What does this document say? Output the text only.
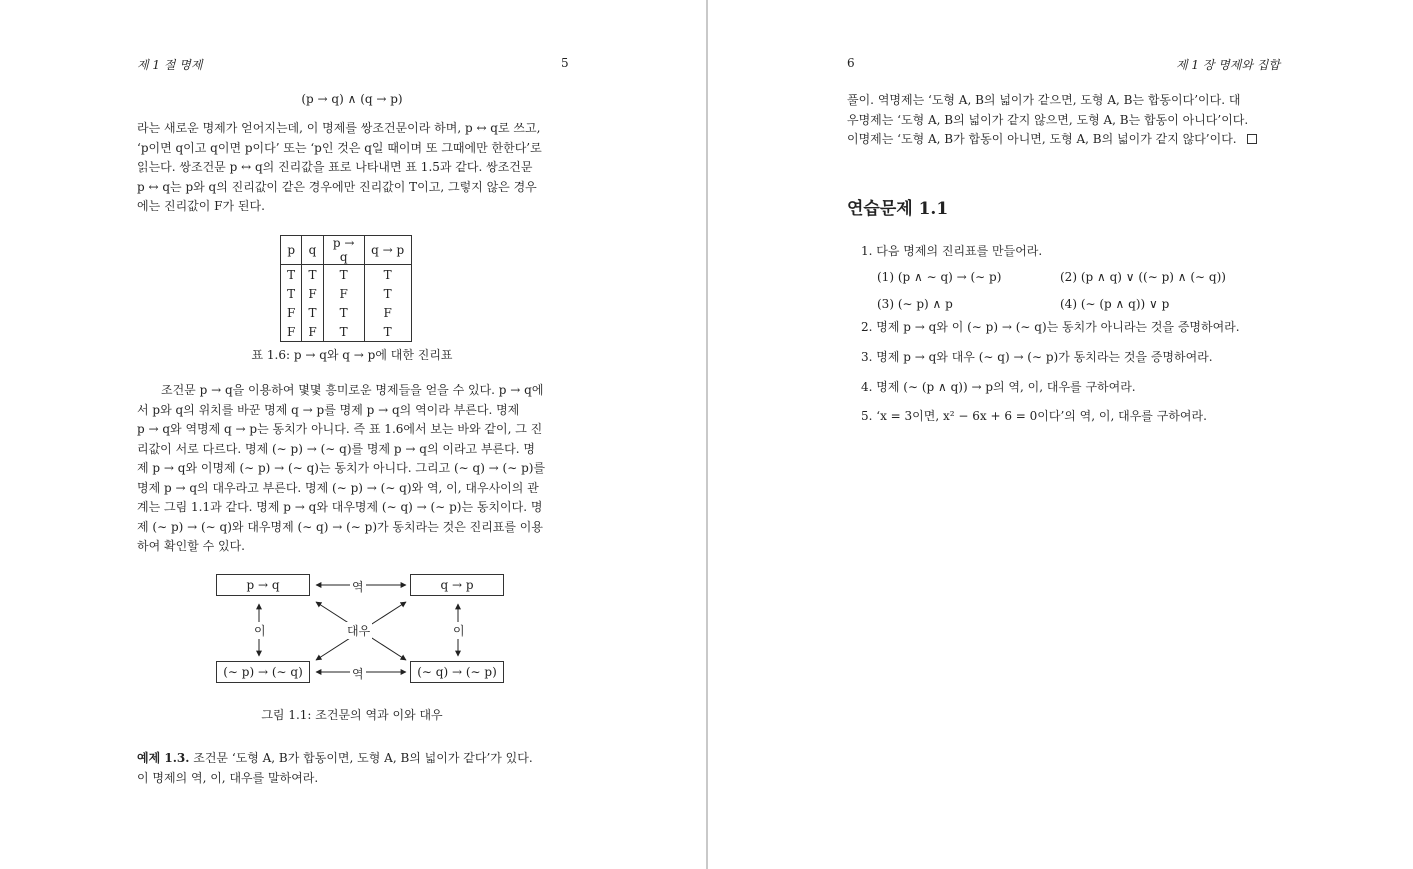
제 1 절 명제	5
(p → q) ∧ (q → p)
라는 새로운 명제가 얻어지는데, 이 명제를 쌍조건문이라 하며, p ↔ q로 쓰고,
‘p이면 q이고 q이면 p이다’ 또는 ‘p인 것은 q일 때이며 또 그때에만 한한다’로
읽는다. 쌍조건문 p ↔ q의 진리값을 표로 나타내면 표 1.5과 같다. 쌍조건문
p ↔ q는 p와 q의 진리값이 같은 경우에만 진리값이 T이고, 그렇지 않은 경우
에는 진리값이 F가 된다.
p	q	p → q	q → p
T	T	T	T
T	F	F	T
F	T	T	F
F	F	T	T
표 1.6: p → q와 q → p에 대한 진리표
조건문 p → q을 이용하여 몇몇 흥미로운 명제들을 얻을 수 있다. p → q에
서 p와 q의 위치를 바꾼 명제 q → p를 명제 p → q의 역이라 부른다. 명제
p → q와 역명제 q → p는 동치가 아니다. 즉 표 1.6에서 보는 바와 같이, 그 진
리값이 서로 다르다. 명제 (∼ p) → (∼ q)를 명제 p → q의 이라고 부른다. 명
제 p → q와 이명제 (∼ p) → (∼ q)는 동치가 아니다. 그리고 (∼ q) → (∼ p)를
명제 p → q의 대우라고 부른다. 명제 (∼ p) → (∼ q)와 역, 이, 대우사이의 관
계는 그림 1.1과 같다. 명제 p → q와 대우명제 (∼ q) → (∼ p)는 동치이다. 명
제 (∼ p) → (∼ q)와 대우명제 (∼ q) → (∼ p)가 동치라는 것은 진리표를 이용
하여 확인할 수 있다.
p → q	q → p
(∼ p) → (∼ q)	(∼ q) → (∼ p)
역
역
이	이
대우
그림 1.1: 조건문의 역과 이와 대우
예제 1.3. 조건문 ‘도형 A, B가 합동이면, 도형 A, B의 넓이가 같다’가 있다.
이 명제의 역, 이, 대우를 말하여라.
6	제 1 장 명제와 집합
풀이. 역명제는 ‘도형 A, B의 넓이가 같으면, 도형 A, B는 합동이다’이다. 대
우명제는 ‘도형 A, B의 넓이가 같지 않으면, 도형 A, B는 합동이 아니다’이다.
이명제는 ‘도형 A, B가 합동이 아니면, 도형 A, B의 넓이가 같지 않다’이다.
연습문제 1.1
1. 다음 명제의 진리표를 만들어라.
(1) (p ∧ ∼ q) → (∼ p)	(2) (p ∧ q) ∨ ((∼ p) ∧ (∼ q))
(3) (∼ p) ∧ p	(4) (∼ (p ∧ q)) ∨ p
2. 명제 p → q와 이 (∼ p) → (∼ q)는 동치가 아니라는 것을 증명하여라.
3. 명제 p → q와 대우 (∼ q) → (∼ p)가 동치라는 것을 증명하여라.
4. 명제 (∼ (p ∧ q)) → p의 역, 이, 대우를 구하여라.
5. ‘x = 3이면, x² − 6x + 6 = 0이다’의 역, 이, 대우를 구하여라.
